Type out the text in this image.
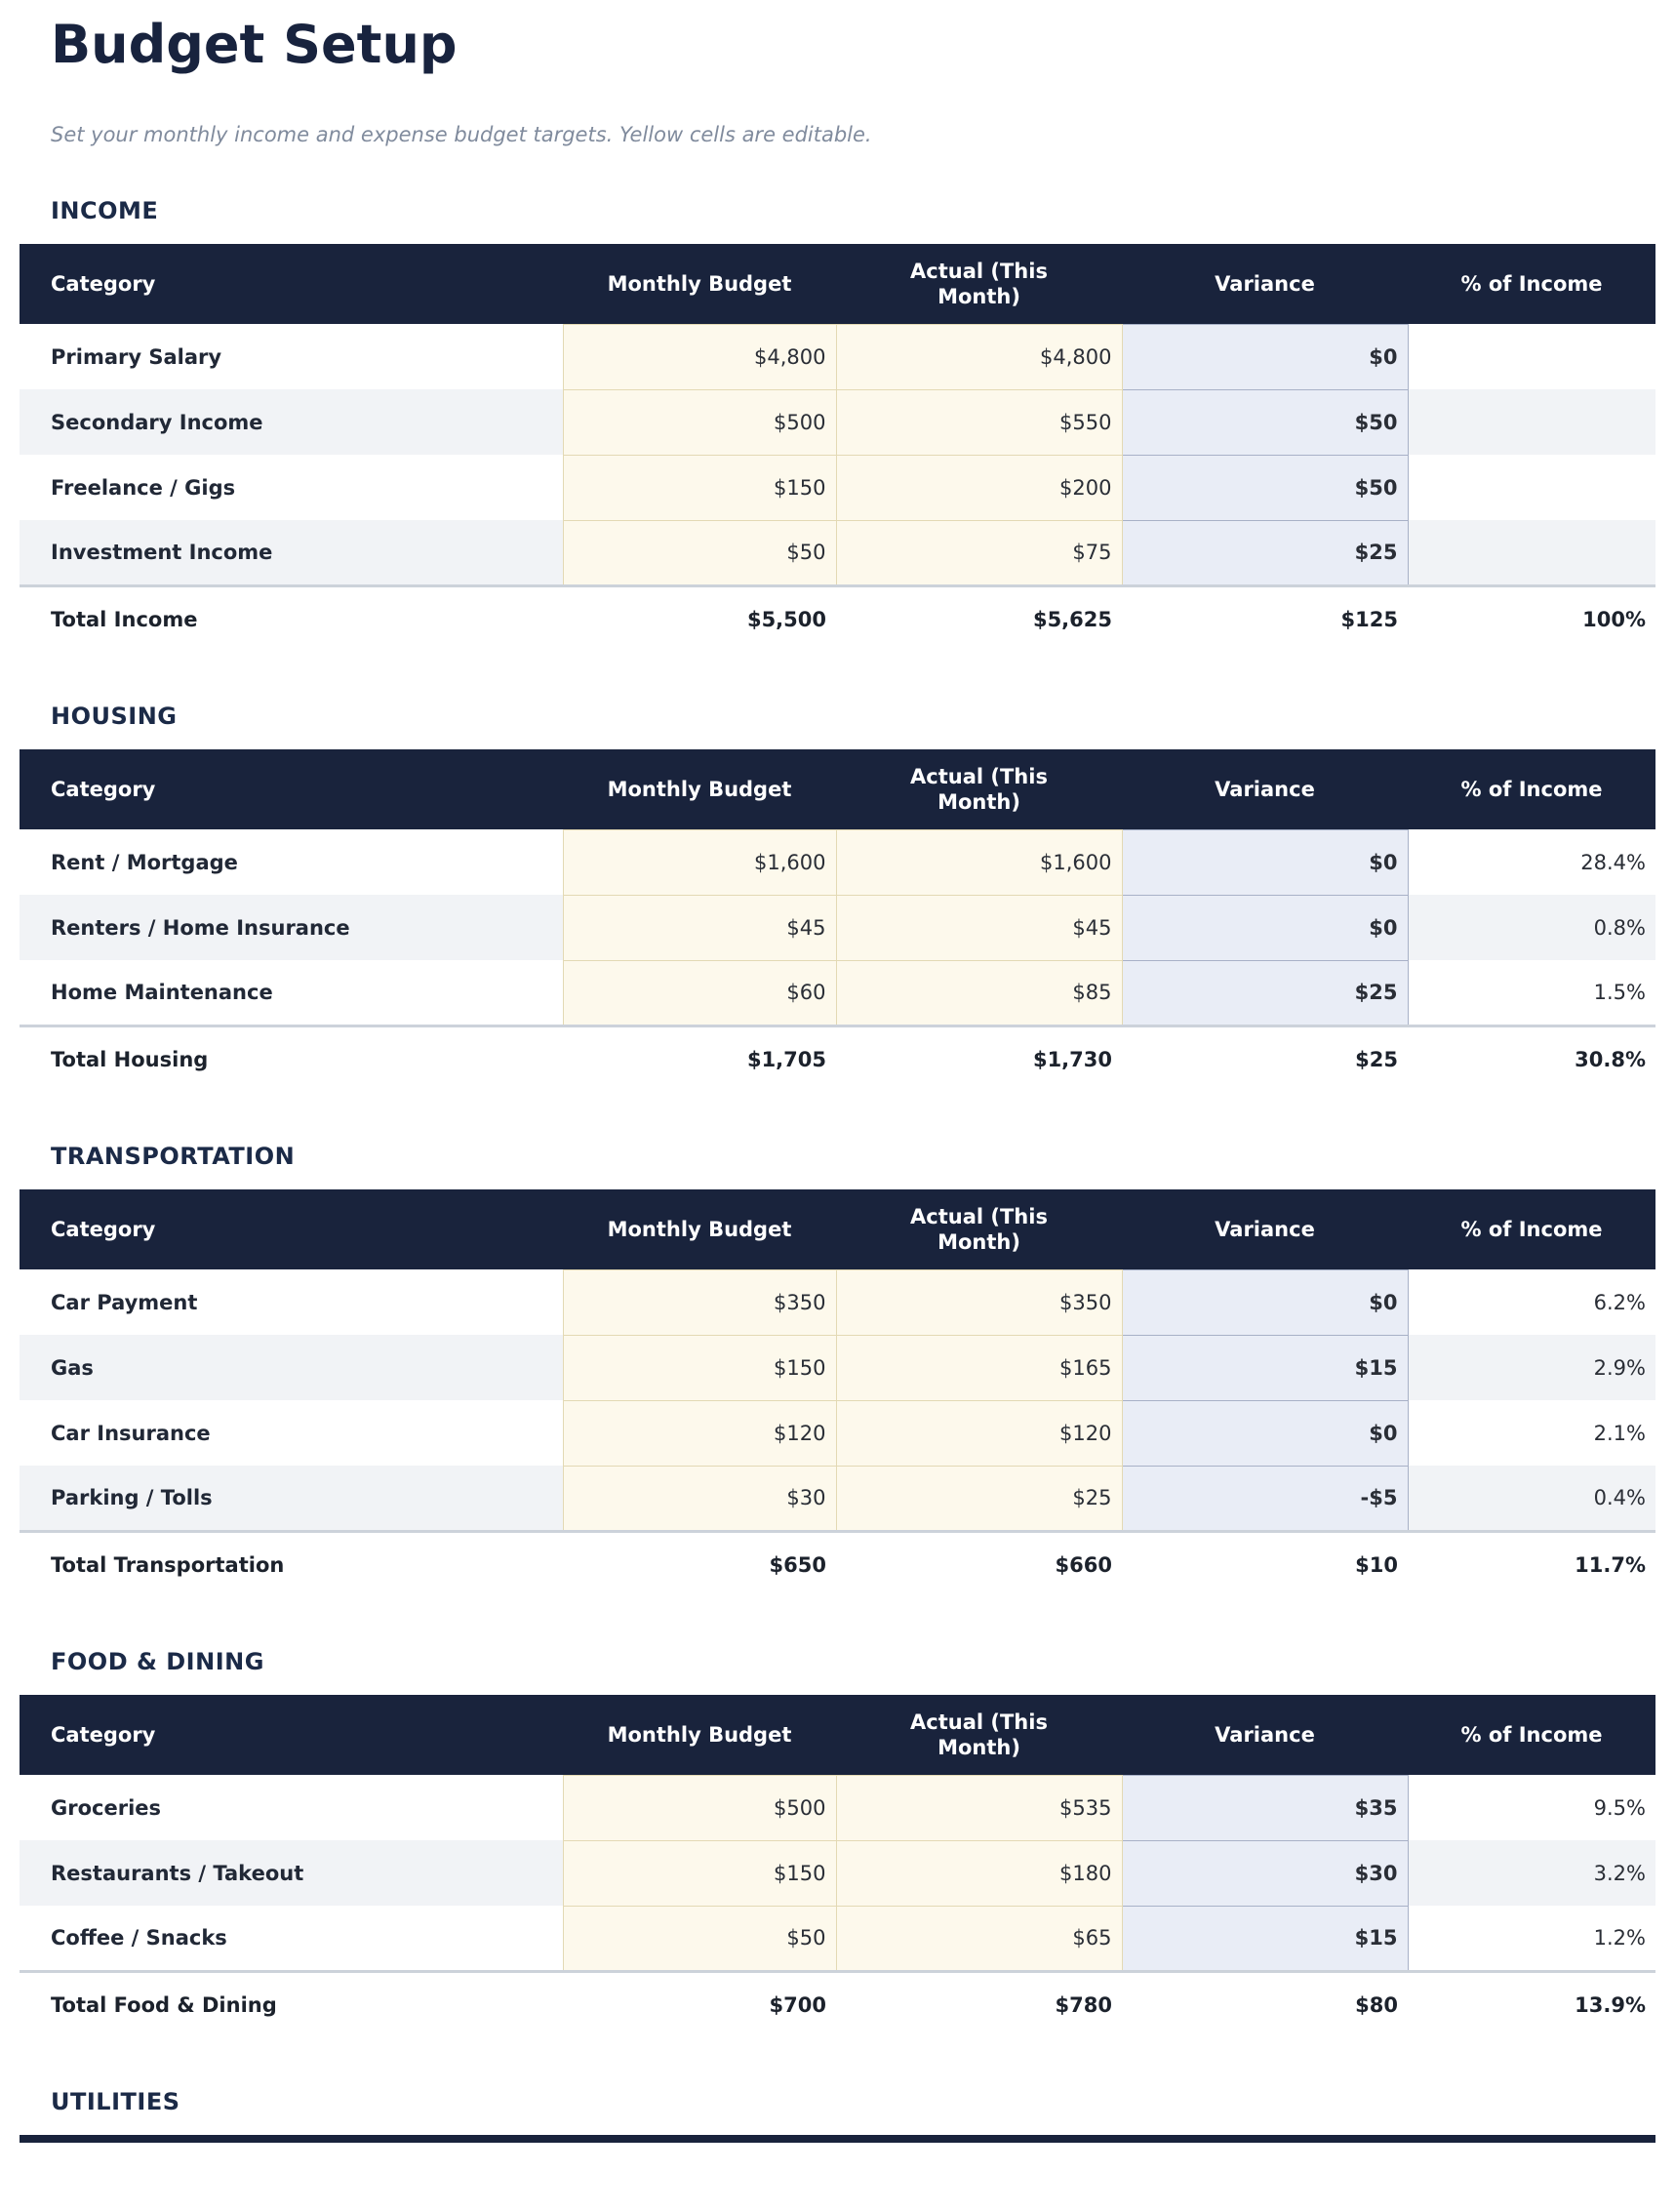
Budget Setup

Set your monthly income and expense budget targets. Yellow cells are editable.

INCOME
Category	Monthly Budget	Actual (This Month)	Variance	% of Income
Primary Salary	$4,800	$4,800	$0	
Secondary Income	$500	$550	$50	
Freelance / Gigs	$150	$200	$50	
Investment Income	$50	$75	$25	
Total Income	$5,500	$5,625	$125	100%
HOUSING
Category	Monthly Budget	Actual (This Month)	Variance	% of Income
Rent / Mortgage	$1,600	$1,600	$0	28.4%
Renters / Home Insurance	$45	$45	$0	0.8%
Home Maintenance	$60	$85	$25	1.5%
Total Housing	$1,705	$1,730	$25	30.8%
TRANSPORTATION
Category	Monthly Budget	Actual (This Month)	Variance	% of Income
Car Payment	$350	$350	$0	6.2%
Gas	$150	$165	$15	2.9%
Car Insurance	$120	$120	$0	2.1%
Parking / Tolls	$30	$25	-$5	0.4%
Total Transportation	$650	$660	$10	11.7%
FOOD & DINING
Category	Monthly Budget	Actual (This Month)	Variance	% of Income
Groceries	$500	$535	$35	9.5%
Restaurants / Takeout	$150	$180	$30	3.2%
Coffee / Snacks	$50	$65	$15	1.2%
Total Food & Dining	$700	$780	$80	13.9%
UTILITIES
